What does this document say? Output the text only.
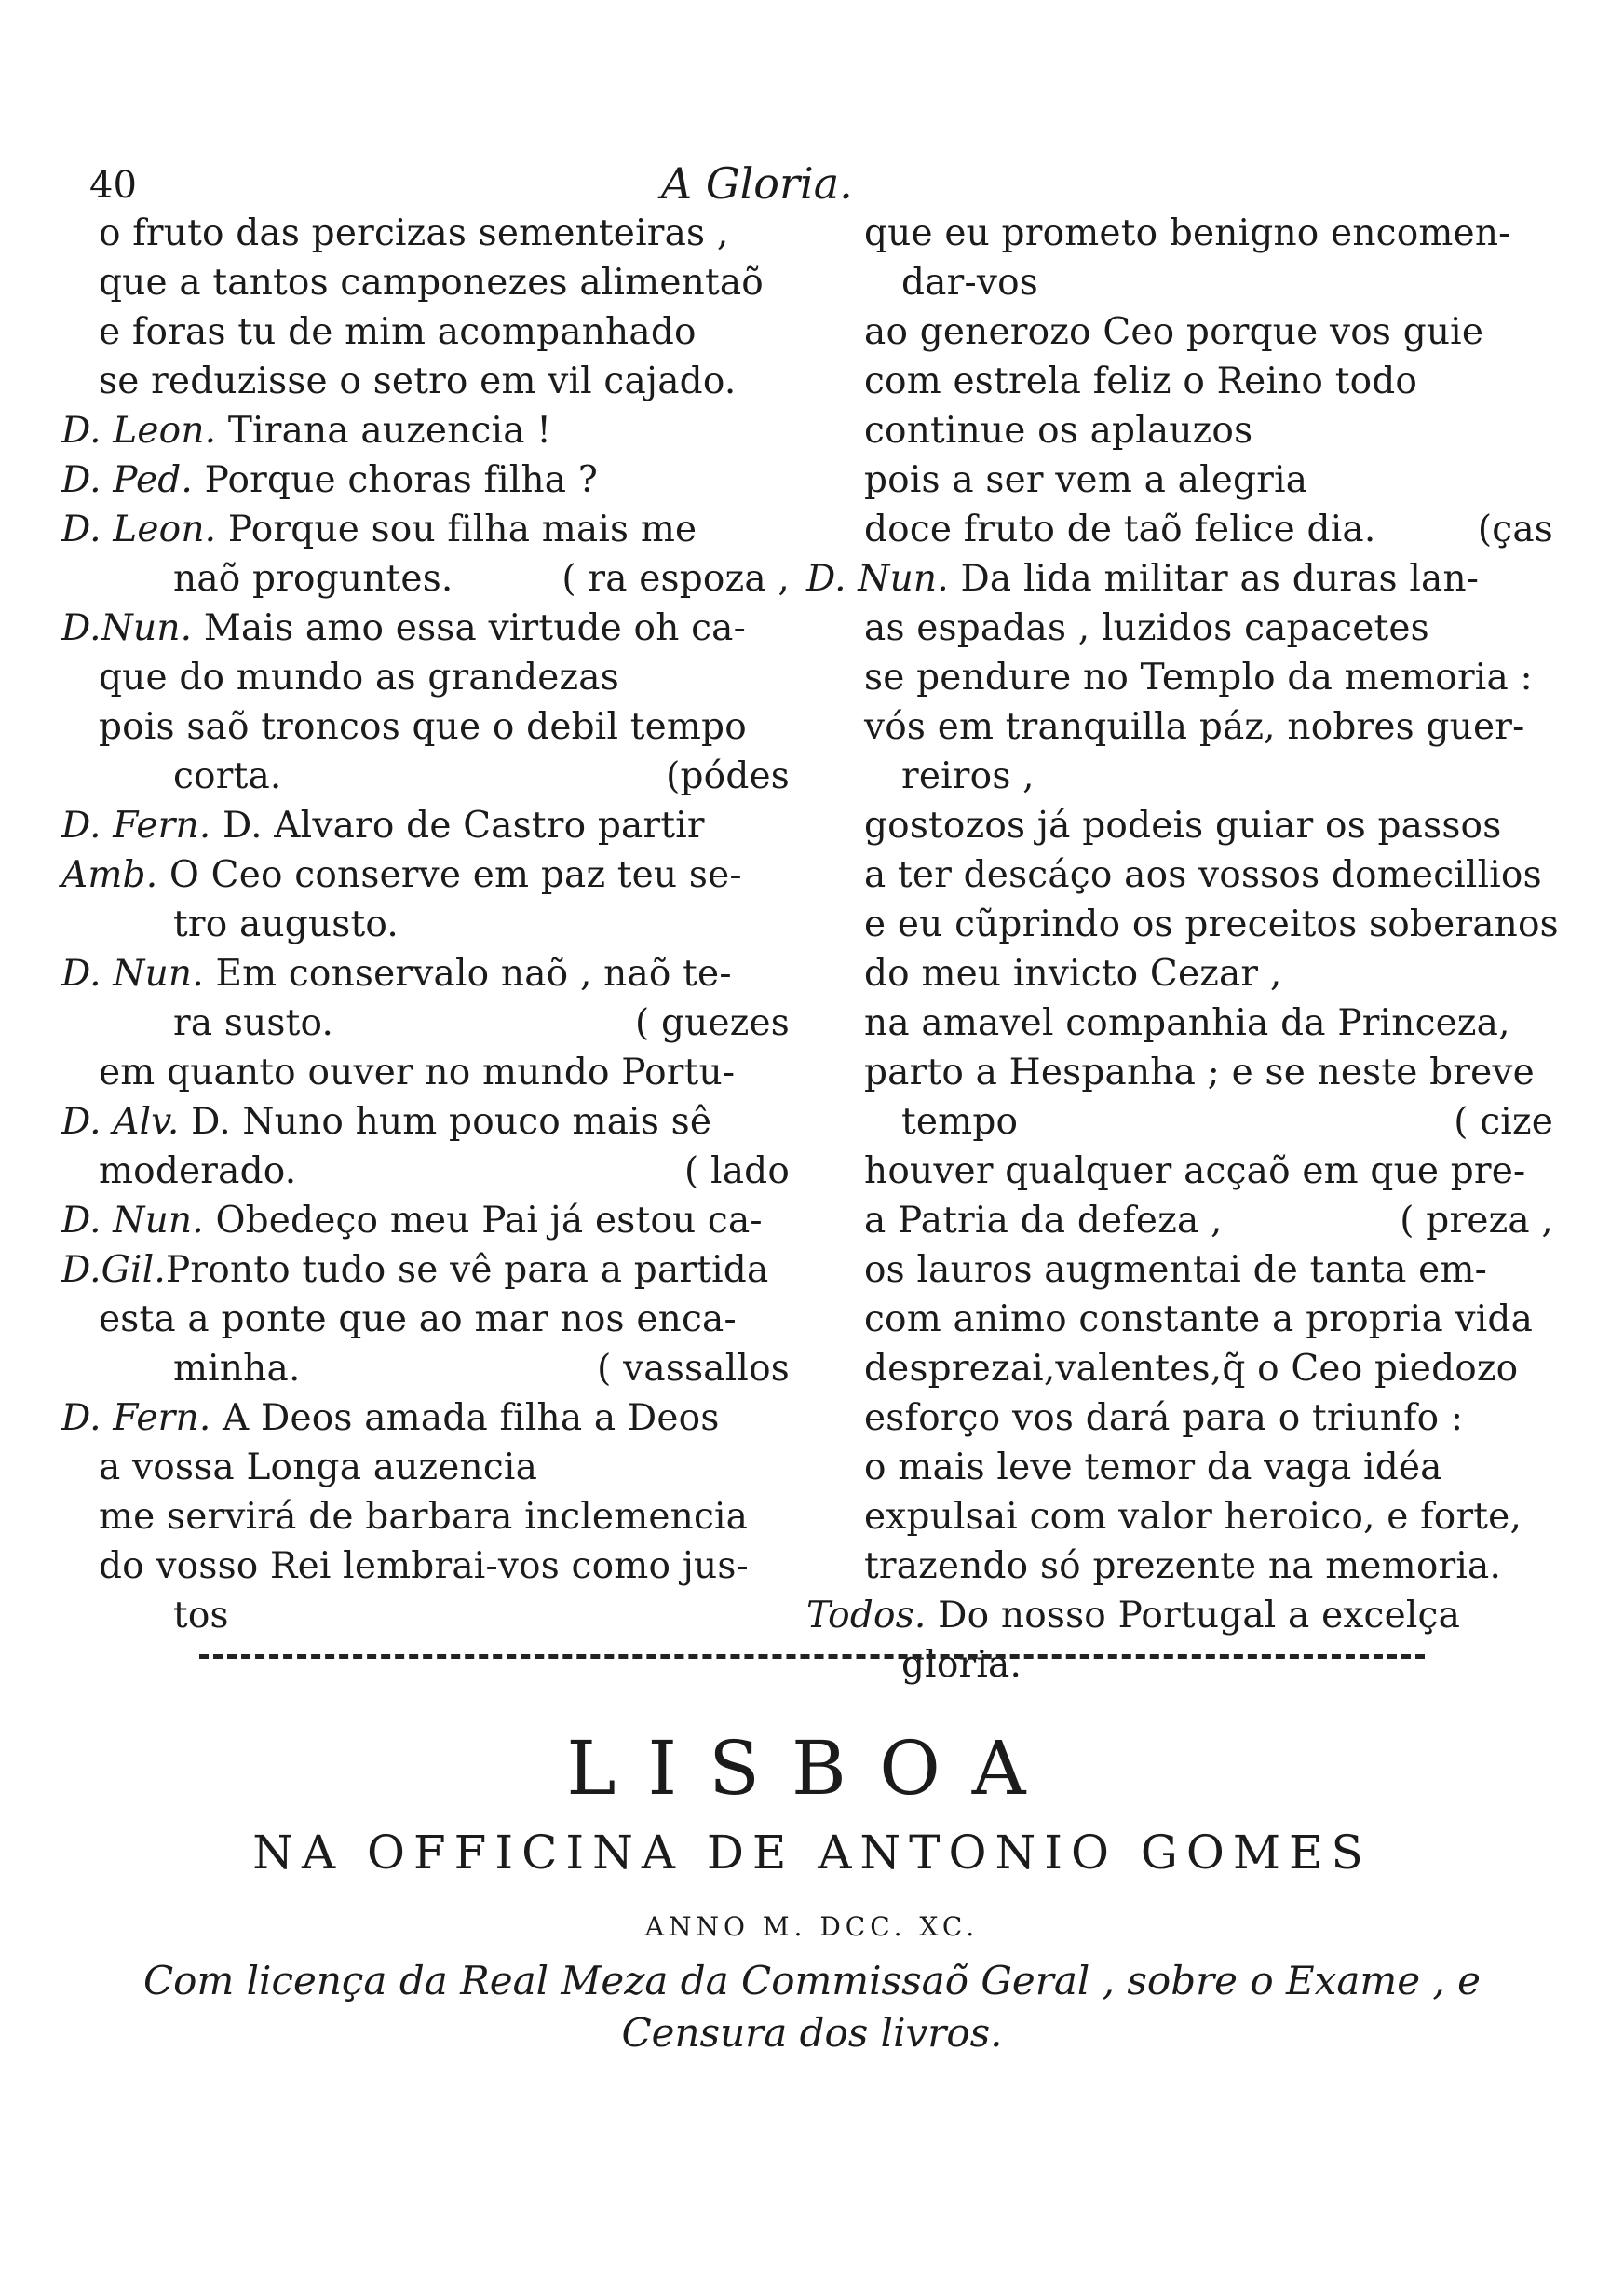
40	A Gloria.
o fruto das percizas sementeiras ,
que a tantos camponezes alimentaõ
e foras tu de mim acompanhado
se reduzisse o setro em vil cajado.
D. Leon. Tirana auzencia !
D. Ped. Porque choras filha ?
D. Leon. Porque sou filha mais me
naõ proguntes.	( ra espoza ,
D.Nun. Mais amo essa virtude oh ca-
que do mundo as grandezas
pois saõ troncos que o debil tempo
corta.	(pódes
D. Fern. D. Alvaro de Castro partir
Amb. O Ceo conserve em paz teu se-
tro augusto.
D. Nun. Em conservalo naõ , naõ te-
ra susto.	( guezes
em quanto ouver no mundo Portu-
D. Alv. D. Nuno hum pouco mais sê
moderado.	( lado
D. Nun. Obedeço meu Pai já estou ca-
D.Gil.Pronto tudo se vê para a partida
esta a ponte que ao mar nos enca-
minha.	( vassallos
D. Fern. A Deos amada filha a Deos
a vossa Longa auzencia
me servirá de barbara inclemencia
do vosso Rei lembrai-vos como jus-
tos
que eu prometo benigno encomen-
dar-vos
ao generozo Ceo porque vos guie
com estrela feliz o Reino todo
continue os aplauzos
pois a ser vem a alegria
doce fruto de taõ felice dia.	(ças
D. Nun. Da lida militar as duras lan-
as espadas , luzidos capacetes
se pendure no Templo da memoria :
vós em tranquilla páz, nobres guer-
reiros ,
gostozos já podeis guiar os passos
a ter descáço aos vossos domecillios
e eu cũprindo os preceitos soberanos
do meu invicto Cezar ,
na amavel companhia da Princeza,
parto a Hespanha ; e se neste breve
tempo	( cize
houver qualquer acçaõ em que pre-
a Patria da defeza ,	( preza ,
os lauros augmentai de tanta em-
com animo constante a propria vida
desprezai,valentes,q̃ o Ceo piedozo
esforço vos dará para o triunfo :
o mais leve temor da vaga idéa
expulsai com valor heroico, e forte,
trazendo só prezente na memoria.
Todos. Do nosso Portugal a excelça
gloria.
LISBOA
NA OFFICINA DE ANTONIO GOMES
ANNO M. DCC. XC.
Com licença da Real Meza da Commissaõ Geral , sobre o Exame , e
Censura dos livros.
